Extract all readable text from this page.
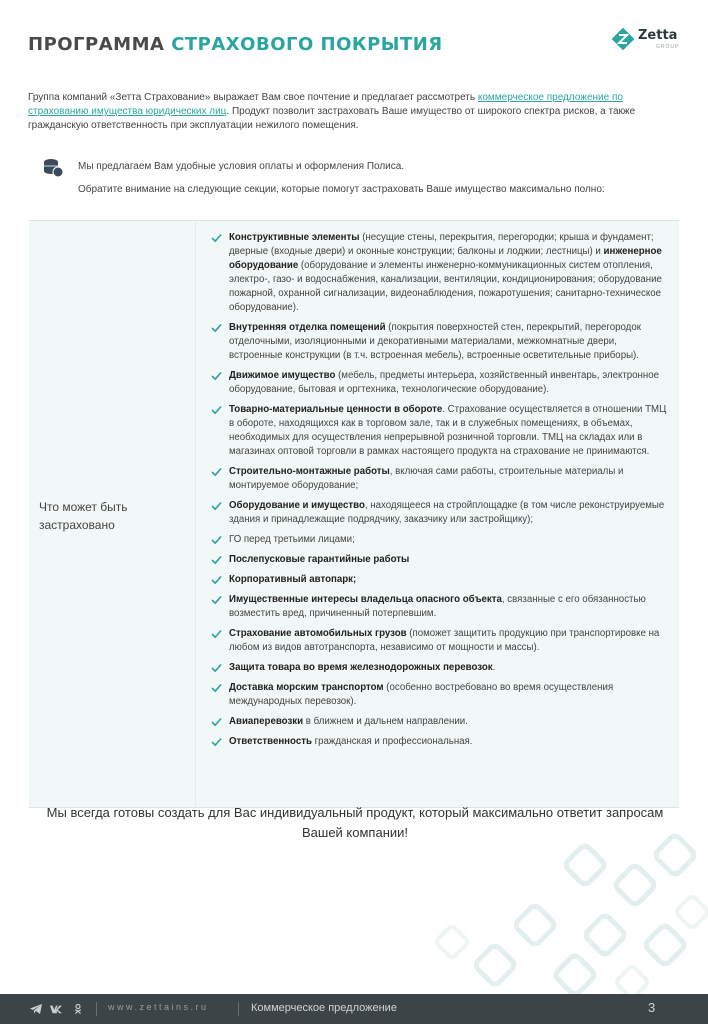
ПРОГРАММА СТРАХОВОГО ПОКРЫТИЯ	Zetta
GROUP

Группа компаний «Зетта Страхование» выражает Вам свое почтение и предлагает рассмотреть коммерческое предложение по страхованию имущества юридических лиц. Продукт позволит застраховать Ваше имущество от широкого спектра рисков, а также гражданскую ответственность при эксплуатации нежилого помещения.

Мы предлагаем Вам удобные условия оплаты и оформления Полиса.
Обратите внимание на следующие секции, которые помогут застраховать Ваше имущество максимально полно:
Что может быть застраховано
Конструктивные элементы (несущие стены, перекрытия, перегородки; крыша и фундамент; дверные (входные двери) и оконные конструкции; балконы и лоджии; лестницы) и инженерное оборудование (оборудование и элементы инженерно-коммуникационных систем отопления, электро-, газо- и водоснабжения, канализации, вентиляции, кондиционирования; оборудование пожарной, охранной сигнализации, видеонаблюдения, пожаротушения; санитарно-техническое оборудование).
Внутренняя отделка помещений (покрытия поверхностей стен, перекрытий, перегородок отделочными, изоляционными и декоративными материалами, межкомнатные двери, встроенные конструкции (в т.ч. встроенная мебель), встроенные осветительные приборы).
Движимое имущество (мебель, предметы интерьера, хозяйственный инвентарь, электронное оборудование, бытовая и оргтехника, технологические оборудование).
Товарно-материальные ценности в обороте. Страхование осуществляется в отношении ТМЦ в обороте, находящихся как в торговом зале, так и в служебных помещениях, в объемах, необходимых для осуществления непрерывной розничной торговли. ТМЦ на складах или в магазинах оптовой торговли в рамках настоящего продукта на страхование не принимаются.
Строительно-монтажные работы, включая сами работы, строительные материалы и монтируемое оборудование;
Оборудование и имущество, находящееся на стройплощадке (в том числе реконструируемые здания и принадлежащие подрядчику, заказчику или застройщику);
ГО перед третьими лицами;
Послепусковые гарантийные работы
Корпоративный автопарк;
Имущественные интересы владельца опасного объекта, связанные с его обязанностью возместить вред, причиненный потерпевшим.
Страхование автомобильных грузов (поможет защитить продукцию при транспортировке на любом из видов автотранспорта, независимо от мощности и массы).
Защита товара во время железнодорожных перевозок.
Доставка морским транспортом (особенно востребовано во время осуществления международных перевозок).
Авиаперевозки в ближнем и дальнем направлении.
Ответственность гражданская и профессиональная.
Мы всегда готовы создать для Вас индивидуальный продукт, который максимально ответит запросам Вашей компании!
www.zettains.ru	Коммерческое предложение	3
